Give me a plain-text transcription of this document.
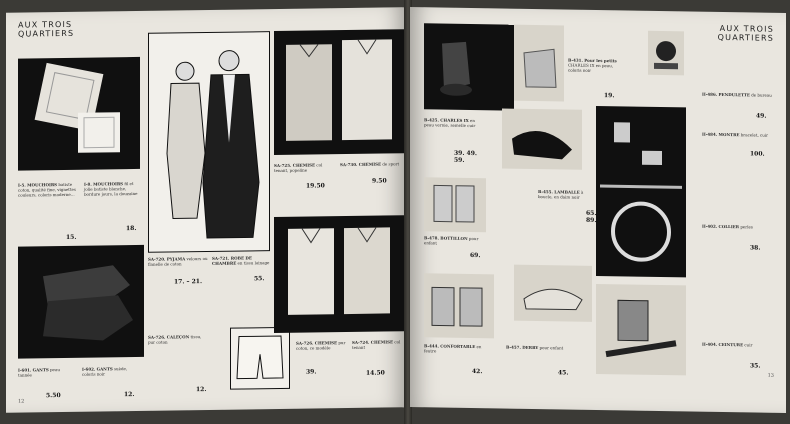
AUX TROIS
QUARTIERS
I-5. MOUCHOIRS batiste coton, qualité fine, vignettes couleurs, coloris moderne...
15.
I-8. MOUCHOIRS fil et jolie batiste blanche, bordure jours, la douzaine
18.
I-601. GANTS peau tannée
5.50
I-602. GANTS suède, coloris noir
12.
SA-720. PYJAMA velours ou flanelle de coton
17. – 21.
SA-721. ROBE DE CHAMBRE en tissu lainage
55.
SA-726. CALEÇON tissu, pur coton
12.
SA-725. CHEMISE col tenant, popeline
19.50
SA-730. CHEMISE de sport
9.50
SA-726. CHEMISE pur coton, ce modèle
39.
SA-724. CHEMISE col tenant
14.50
12
AUX TROIS
QUARTIERS
B-431. Pour les petits CHARLES IX en peau, coloris noir
19.
B-425. CHARLES IX en peau vernie, semelle cuir
39. 49. 59.
B-455. LAMBALLE à boucle, en daim noir
65. 89.
B-478. BOTTILLON pour enfant
69.
B-444. CONFORTABLE en feutre
42.
B-457. DERBY pour enfant
45.
II-486. PENDULETTE de bureau
49.
II-484. MONTRE bracelet, cuir
100.
II-402. COLLIER perles
38.
II-404. CEINTURE cuir
35.
13
